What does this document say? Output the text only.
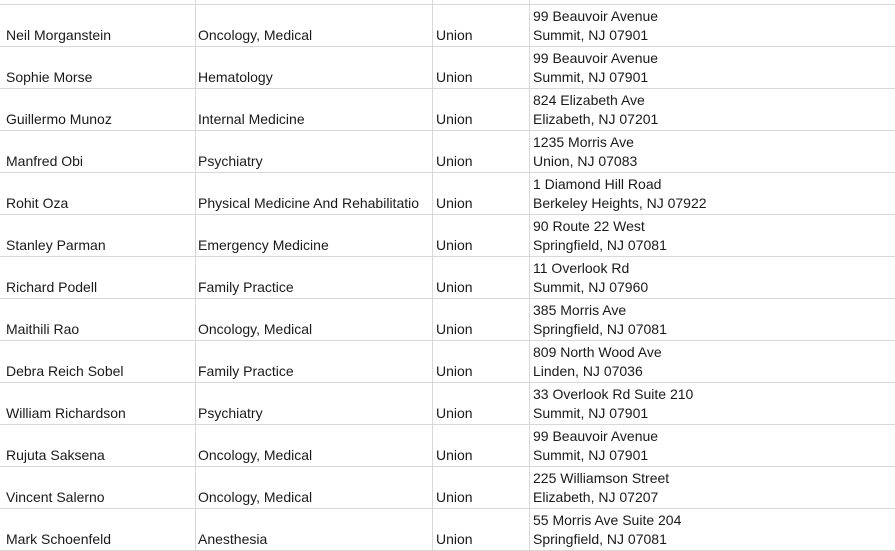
Neil Morganstein	Oncology, Medical	Union
99 Beauvoir Avenue
Summit, NJ 07901
Sophie Morse	Hematology	Union
99 Beauvoir Avenue
Summit, NJ 07901
Guillermo Munoz	Internal Medicine	Union
824 Elizabeth Ave
Elizabeth, NJ 07201
Manfred Obi	Psychiatry	Union
1235 Morris Ave
Union, NJ 07083
Rohit Oza	Physical Medicine And Rehabilitatio Union
1 Diamond Hill Road
Berkeley Heights, NJ 07922
Stanley Parman	Emergency Medicine	Union
90 Route 22 West
Springfield, NJ 07081
Richard Podell	Family Practice	Union
11 Overlook Rd
Summit, NJ 07960
Maithili Rao	Oncology, Medical	Union
385 Morris Ave
Springfield, NJ 07081
Debra Reich Sobel	Family Practice	Union
809 North Wood Ave
Linden, NJ 07036
William Richardson	Psychiatry	Union
33 Overlook Rd Suite 210
Summit, NJ 07901
Rujuta Saksena	Oncology, Medical	Union
99 Beauvoir Avenue
Summit, NJ 07901
Vincent Salerno	Oncology, Medical	Union
225 Williamson Street
Elizabeth, NJ 07207
Mark Schoenfeld	Anesthesia	Union
55 Morris Ave Suite 204
Springfield, NJ 07081
